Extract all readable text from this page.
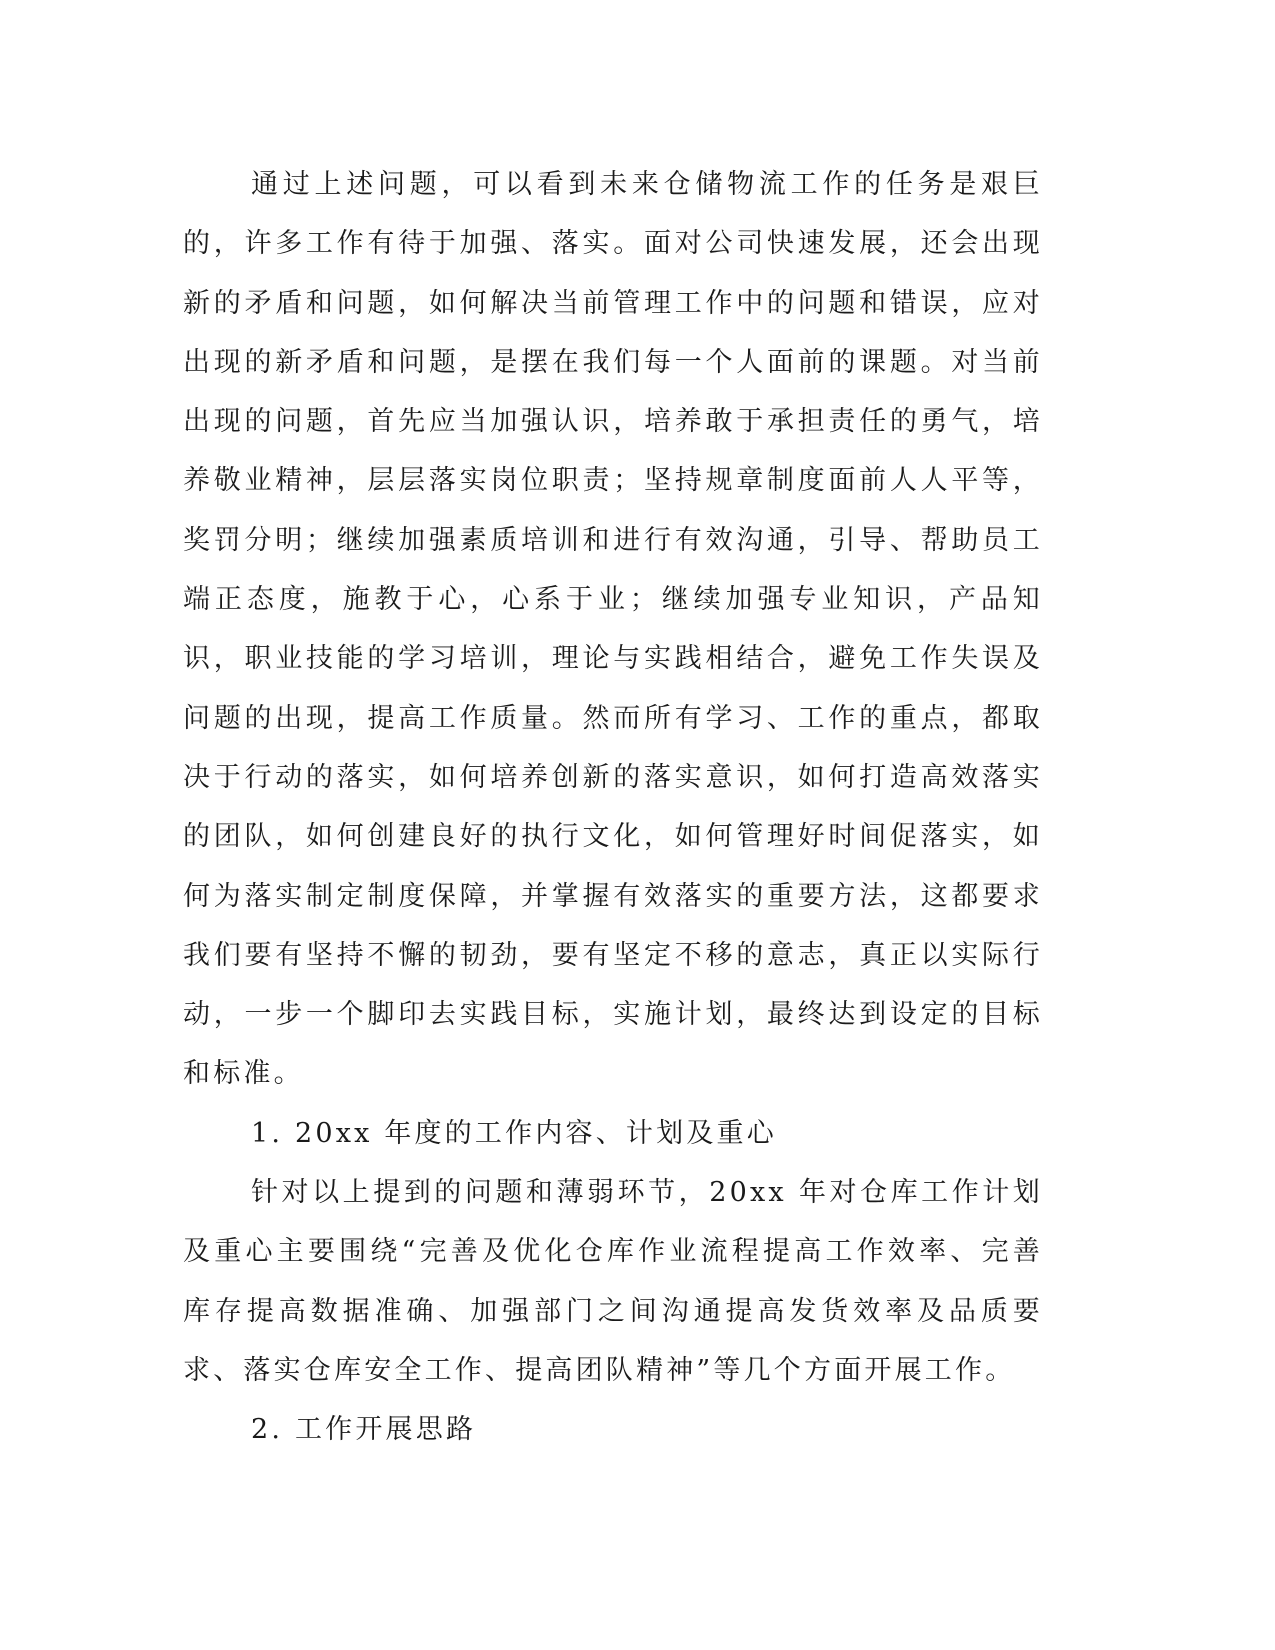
通过上述问题，可以看到未来仓储物流工作的任务是艰巨的，许多工作有待于加强、落实。面对公司快速发展，还会出现新的矛盾和问题，如何解决当前管理工作中的问题和错误，应对出现的新矛盾和问题，是摆在我们每一个人面前的课题。对当前出现的问题，首先应当加强认识，培养敢于承担责任的勇气，培养敬业精神，层层落实岗位职责；坚持规章制度面前人人平等，奖罚分明；继续加强素质培训和进行有效沟通，引导、帮助员工端正态度，施教于心，心系于业；继续加强专业知识，产品知识，职业技能的学习培训，理论与实践相结合，避免工作失误及问题的出现，提高工作质量。然而所有学习、工作的重点，都取决于行动的落实，如何培养创新的落实意识，如何打造高效落实的团队，如何创建良好的执行文化，如何管理好时间促落实，如何为落实制定制度保障，并掌握有效落实的重要方法，这都要求我们要有坚持不懈的韧劲，要有坚定不移的意志，真正以实际行动，一步一个脚印去实践目标，实施计划，最终达到设定的目标和标准。

1. 20xx 年度的工作内容、计划及重心

针对以上提到的问题和薄弱环节，20xx 年对仓库工作计划及重心主要围绕“完善及优化仓库作业流程提高工作效率、完善库存提高数据准确、加强部门之间沟通提高发货效率及品质要求、落实仓库安全工作、提高团队精神”等几个方面开展工作。

2. 工作开展思路
